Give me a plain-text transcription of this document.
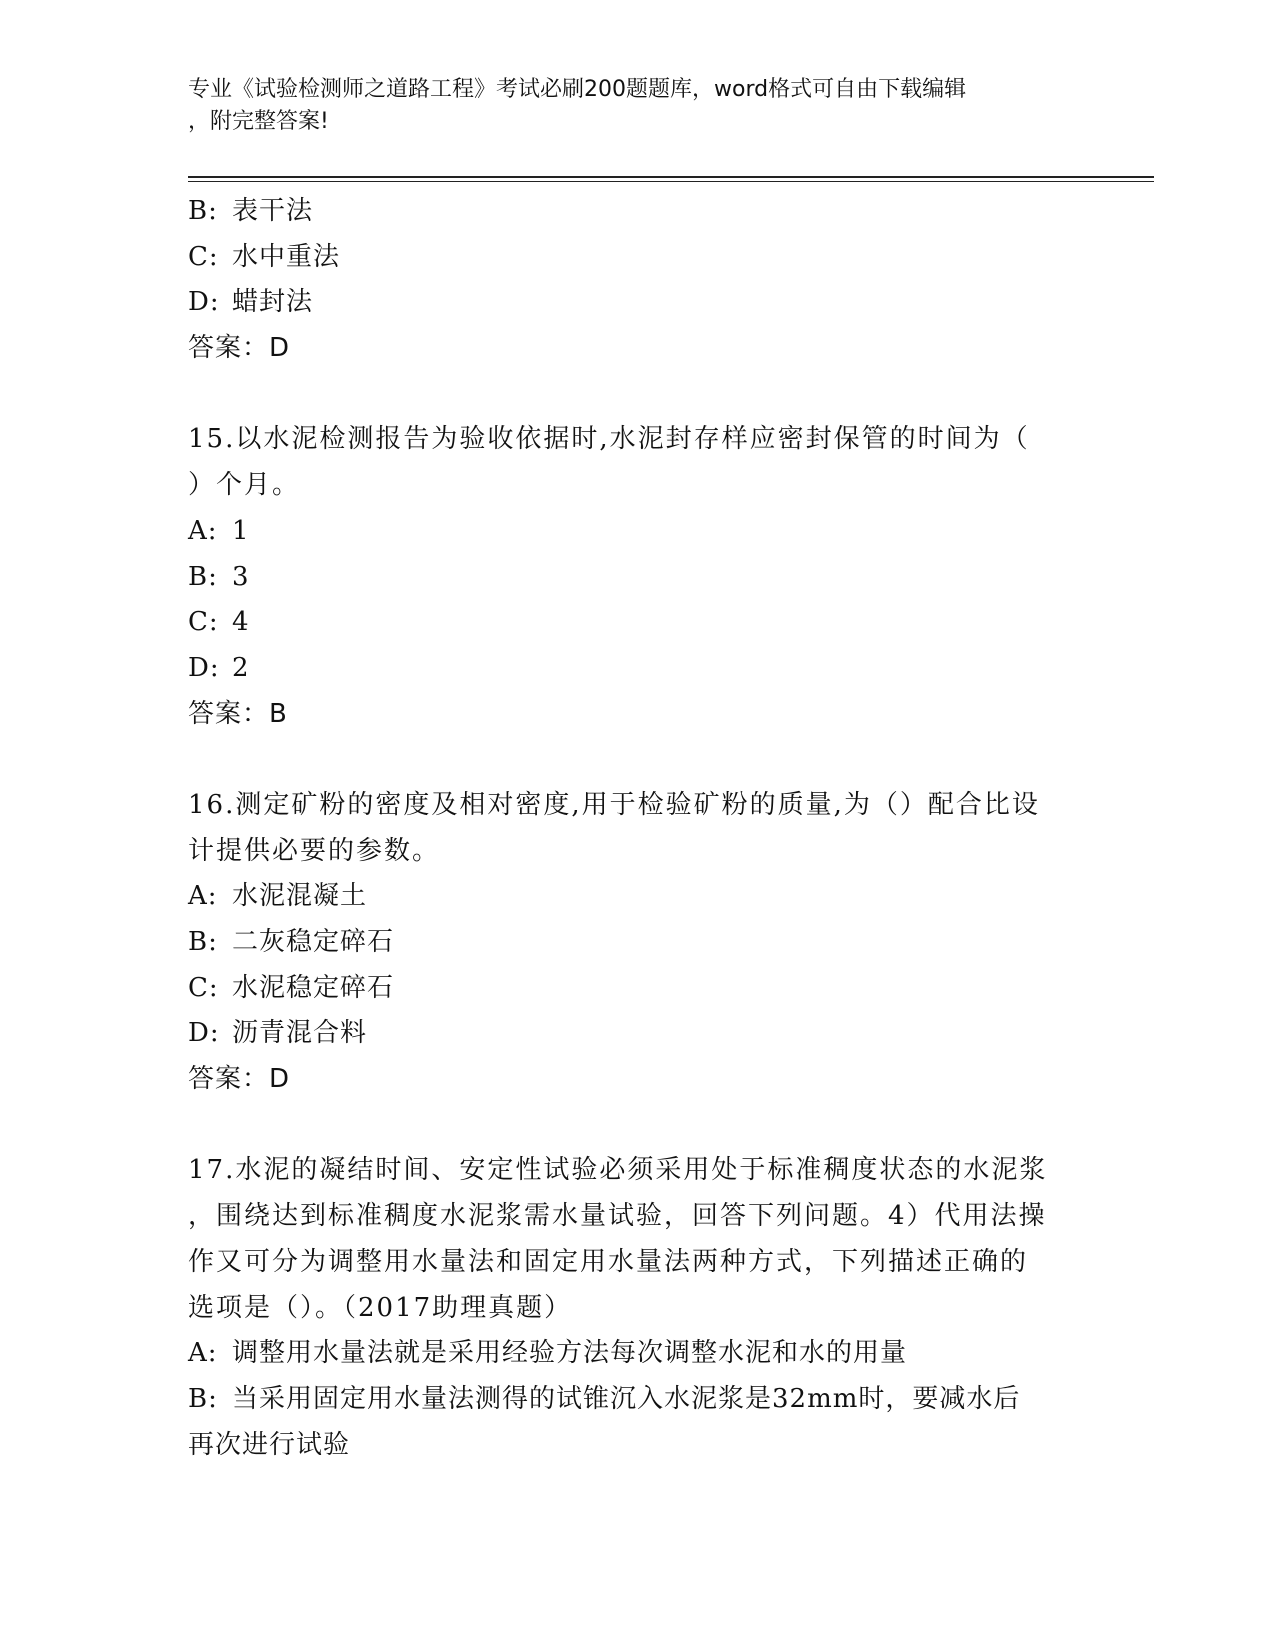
专业《试验检测师之道路工程》考试必刷200题题库，word格式可自由下载编辑
，附完整答案!
B: 表干法
C: 水中重法
D: 蜡封法
答案：D
15.以水泥检测报告为验收依据时,水泥封存样应密封保管的时间为（
）个月。
A: 1
B: 3
C: 4
D: 2
答案：B
16.测定矿粉的密度及相对密度,用于检验矿粉的质量,为（）配合比设
计提供必要的参数。
A: 水泥混凝土
B: 二灰稳定碎石
C: 水泥稳定碎石
D: 沥青混合料
答案：D
17.水泥的凝结时间、安定性试验必须采用处于标准稠度状态的水泥浆
，围绕达到标准稠度水泥浆需水量试验，回答下列问题。4）代用法操
作又可分为调整用水量法和固定用水量法两种方式，下列描述正确的
选项是（）。（2017助理真题）
A: 调整用水量法就是采用经验方法每次调整水泥和水的用量
B: 当采用固定用水量法测得的试锥沉入水泥浆是32mm时，要减水后
再次进行试验
